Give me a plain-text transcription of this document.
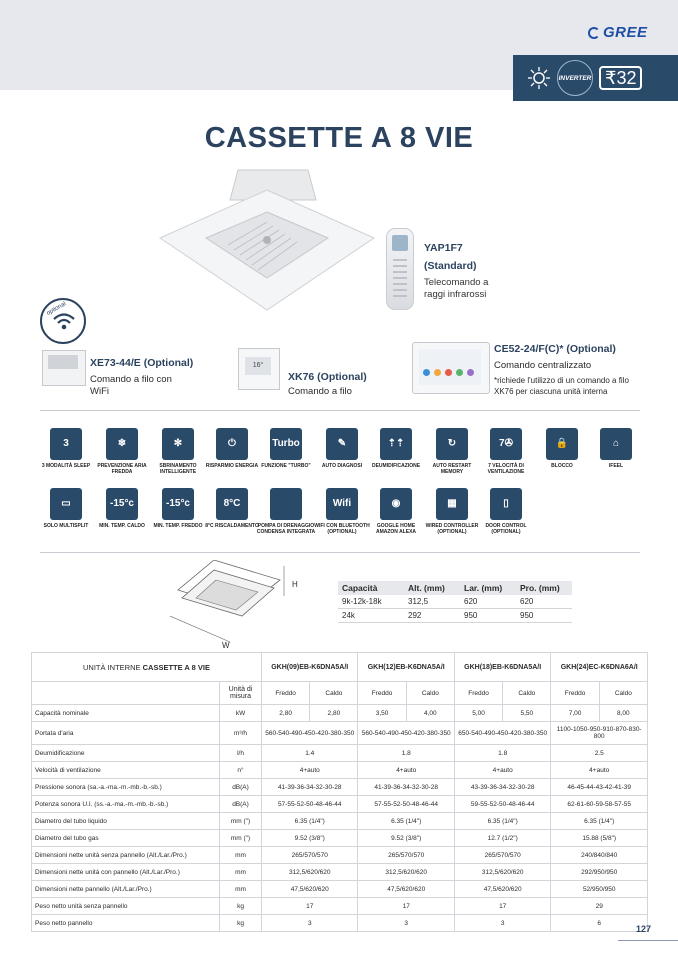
GREE
INVERTER ₹32
CASSETTE A 8 VIE
YAP1F7
(Standard)
Telecomando a raggi infrarossi
optional
XE73-44/E (Optional)
Comando a filo con WiFi
16°
XK76 (Optional)
Comando a filo
CE52-24/F(C)* (Optional)
Comando centralizzato
*richiede l'utilizzo di un comando a filo XK76 per ciascuna unità interna
3
3 MODALITÀ SLEEP
❄
PREVENZIONE ARIA FREDDA
✻
SBRINAMENTO INTELLIGENTE
⏻
RISPARMIO ENERGIA
Turbo
FUNZIONE "TURBO"
✎
AUTO DIAGNOSI
⇡⇡
DEUMIDIFICAZIONE
↻
AUTO RESTART MEMORY
7✇
7 VELOCITÀ DI VENTILAZIONE
🔒
BLOCCO
⌂
IFEEL
▭
SOLO MULTISPLIT
-15°c
MIN. TEMP. CALDO
-15°c
MIN. TEMP. FREDDO
8°C
8°C RISCALDAMENTO POMPA DI DRENAGGIO CONDENSA INTEGRATA
Wifi
WIFI CON BLUETOOTH (OPTIONAL)
◉
GOOGLE HOME AMAZON ALEXA
▦
WIRED CONTROLLER (OPTIONAL)
▯
DOOR CONTROL (OPTIONAL)
H
W
Capacità	Alt. (mm)	Lar. (mm)	Pro. (mm)
9k-12k-18k	312,5	620	620
24k	292	950	950
UNITÀ INTERNE CASSETTE A 8 VIE		GKH(09)EB-K6DNA5A/I		GKH(12)EB-K6DNA5A/I		GKH(18)EB-K6DNA5A/I		GKH(24)EC-K6DNA6A/I	
	Unità di misura	Freddo	Caldo	Freddo	Caldo	Freddo	Caldo	Freddo	Caldo
Capacità nominale	kW	2,80	2,80	3,50	4,00	5,00	5,50	7,00	8,00
Portata d'aria	m³/h	560-540-490-450-420-380-350		560-540-490-450-420-380-350		650-540-490-450-420-380-350		1100-1050-950-910-870-830-800	
Deumidificazione	l/h	1.4		1.8		1.8		2.5	
Velocità di ventilazione	n°	4+auto		4+auto		4+auto		4+auto	
Pressione sonora (sa.-a.-ma.-m.-mb.-b.-sb.)	dB(A)	41-39-36-34-32-30-28		41-39-36-34-32-30-28		43-39-36-34-32-30-28		46-45-44-43-42-41-39	
Potenza sonora U.I. (ss.-a.-ma.-m.-mb.-b.-sb.)	dB(A)	57-55-52-50-48-46-44		57-55-52-50-48-46-44		59-55-52-50-48-46-44		62-61-60-59-58-57-55	
Diametro del tubo liquido	mm (")	6.35 (1/4")		6.35 (1/4")		6.35 (1/4")		6.35 (1/4")	
Diametro del tubo gas	mm (")	9.52 (3/8")		9.52 (3/8")		12.7 (1/2")		15.88 (5/8")	
Dimensioni nette unità senza pannello (Alt./Lar./Pro.)	mm	265/570/570		265/570/570		265/570/570		240/840/840	
Dimensioni nette unità con pannello (Alt./Lar./Pro.)	mm	312,5/620/620		312,5/620/620		312,5/620/620		292/950/950	
Dimensioni nette pannello (Alt./Lar./Pro.)	mm	47,5/620/620		47,5/620/620		47,5/620/620		52/950/950	
Peso netto unità senza pannello	kg	17		17		17		29	
Peso netto pannello	kg	3		3		3		6	
127
